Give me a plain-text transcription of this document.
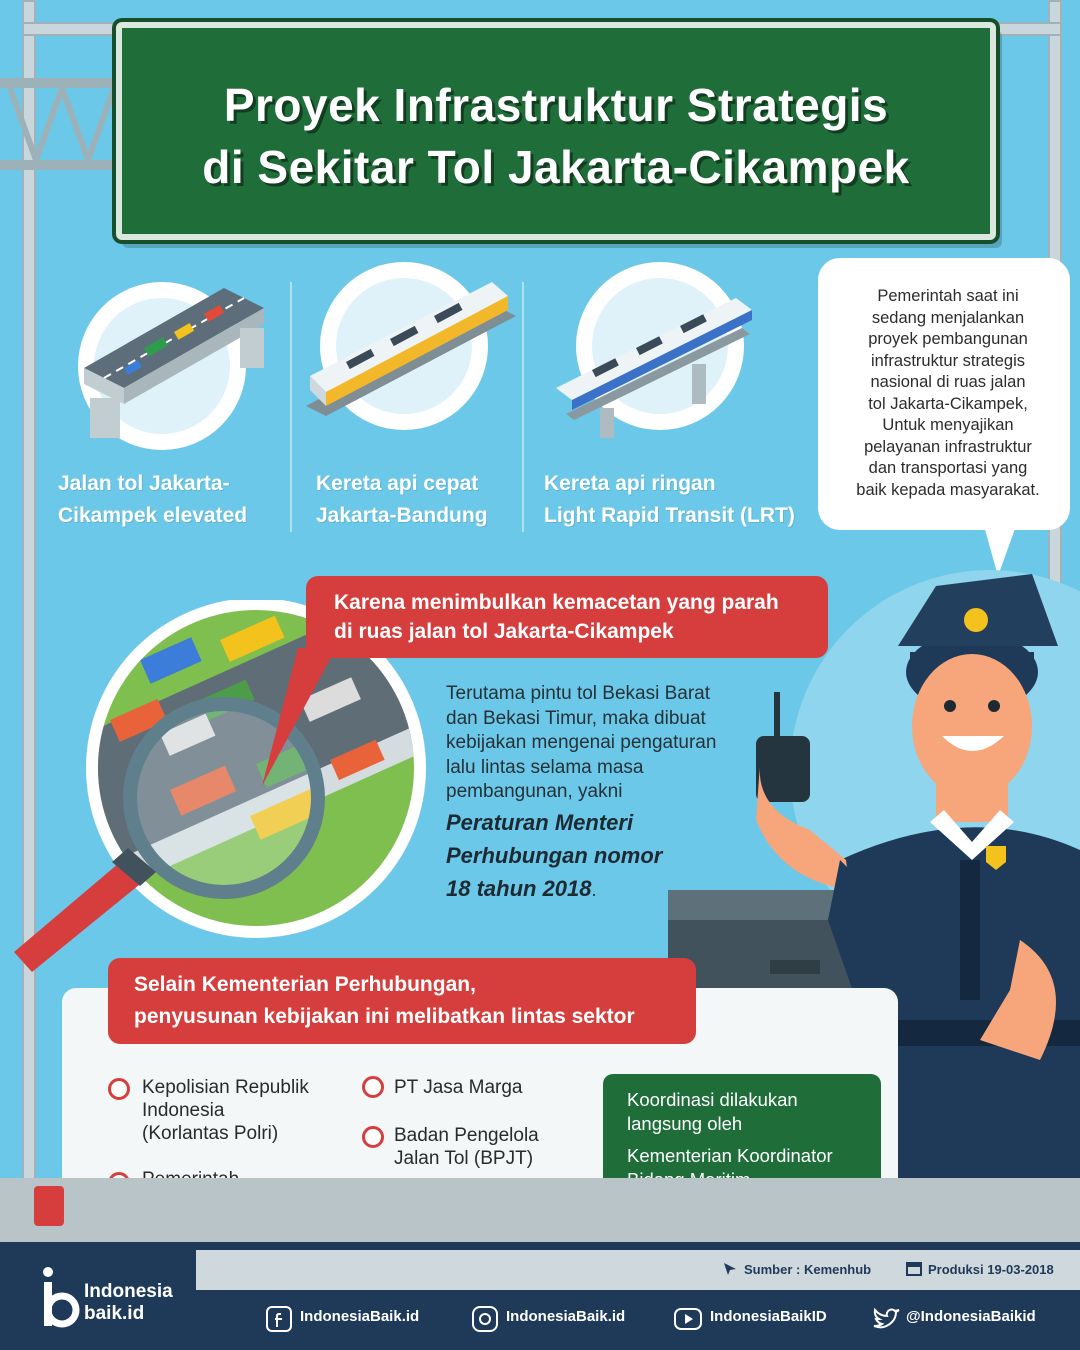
Proyek Infrastruktur Strategis
di Sekitar Tol Jakarta-Cikampek
Jalan tol Jakarta-
Cikampek elevated
Kereta api cepat
Jakarta-Bandung
Kereta api ringan
Light Rapid Transit (LRT)
Pemerintah saat ini
sedang menjalankan
proyek pembangunan
infrastruktur strategis
nasional di ruas jalan
tol Jakarta-Cikampek,
Untuk menyajikan
pelayanan infrastruktur
dan transportasi yang
baik kepada masyarakat.
Karena menimbulkan kemacetan yang parah
di ruas jalan tol Jakarta-Cikampek
Terutama pintu tol Bekasi Barat
dan Bekasi Timur, maka dibuat
kebijakan mengenai pengaturan
lalu lintas selama masa
pembangunan, yakni
Peraturan Menteri
Perhubungan nomor
18 tahun 2018.
Selain Kementerian Perhubungan,
penyusunan kebijakan ini melibatkan lintas sektor
Kepolisian Republik
Indonesia
(Korlantas Polri)
PT Jasa Marga
Badan Pengelola
Jalan Tol (BPJT)
Koordinasi dilakukan
langsung oleh
Kementerian Koordinator
Sumber : Kemenhub	Produksi 19-03-2018
Indonesia
baik.id	IndonesiaBaik.id	IndonesiaBaik.id	IndonesiaBaikID	@IndonesiaBaikid
